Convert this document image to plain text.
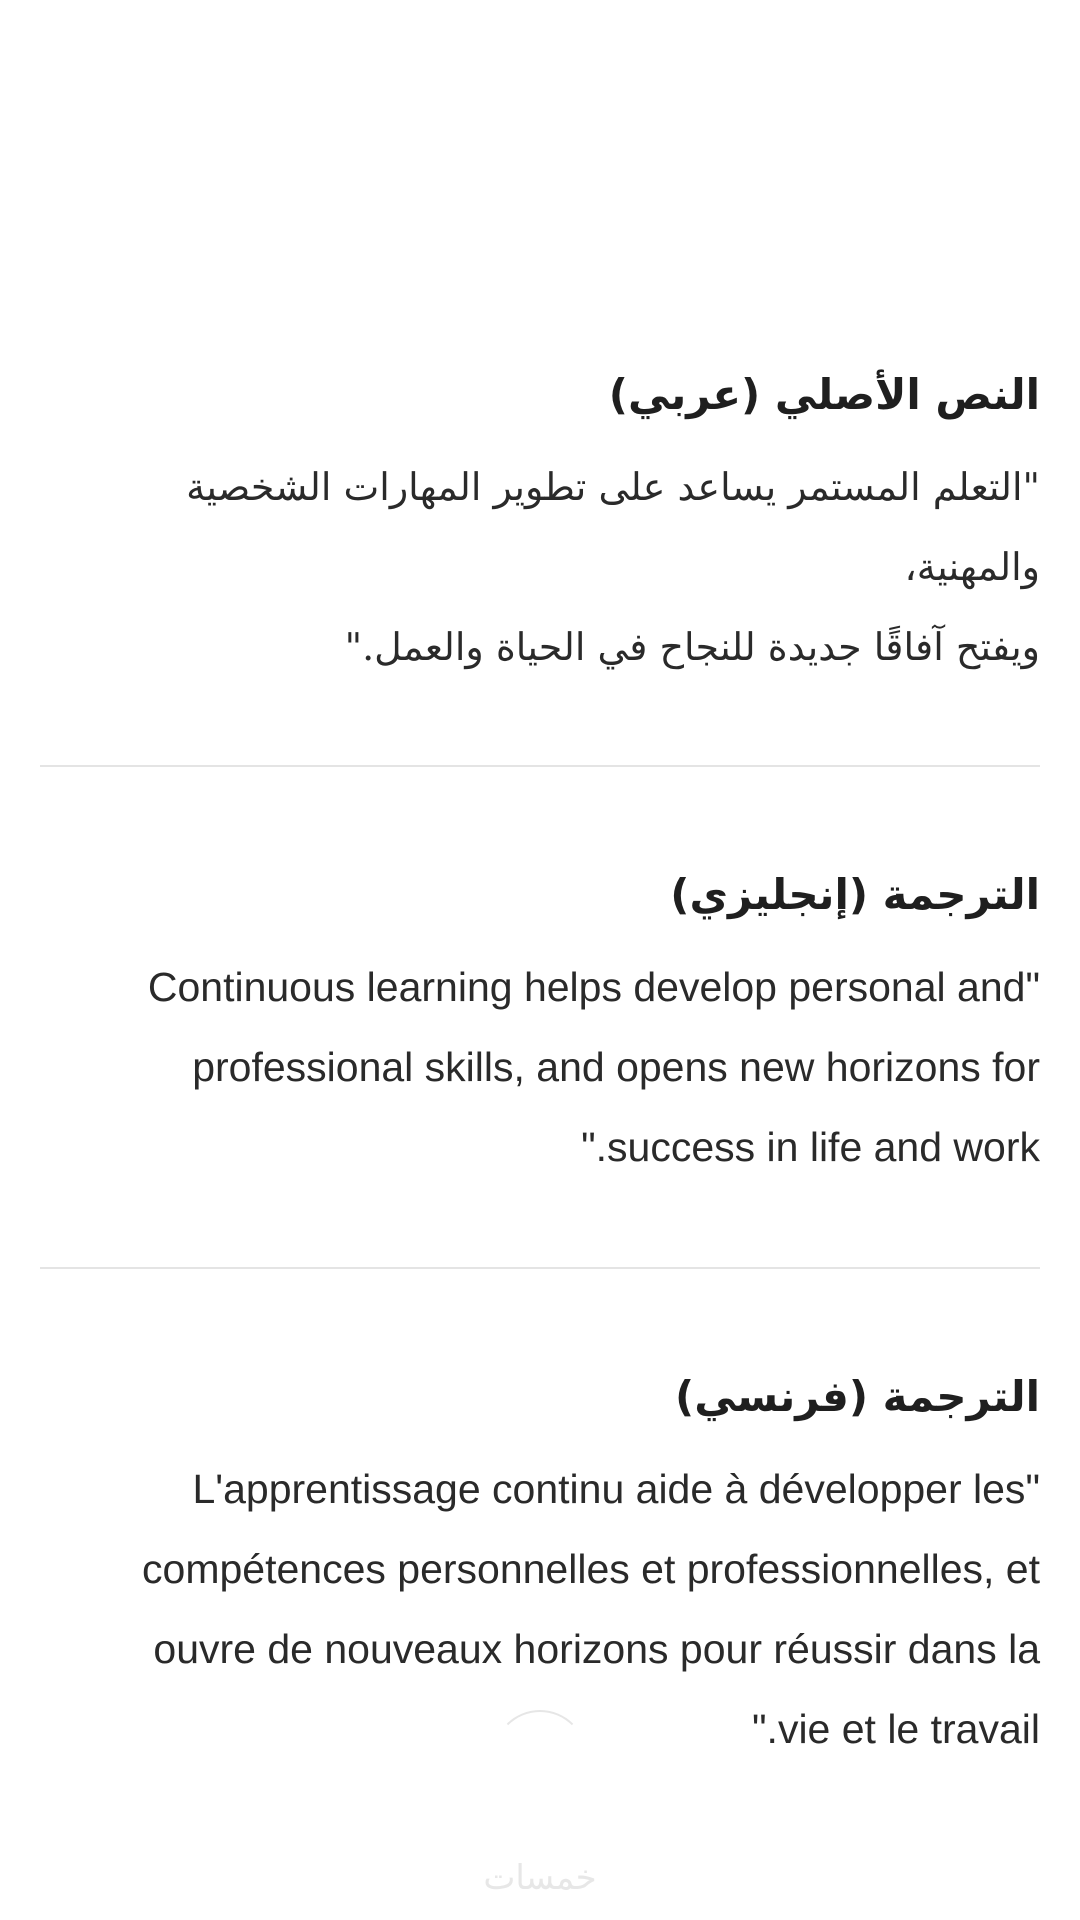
النص الأصلي (عربي)

"التعلم المستمر يساعد على تطوير المهارات الشخصية والمهنية،
ويفتح آفاقًا جديدة للنجاح في الحياة والعمل."

الترجمة (إنجليزي)

"Continuous learning helps develop personal and
professional skills, and opens new horizons for
success in life and work."

الترجمة (فرنسي)

"L'apprentissage continu aide à développer les
compétences personnelles et professionnelles, et
ouvre de nouveaux horizons pour réussir dans la
vie et le travail."

خمسات
